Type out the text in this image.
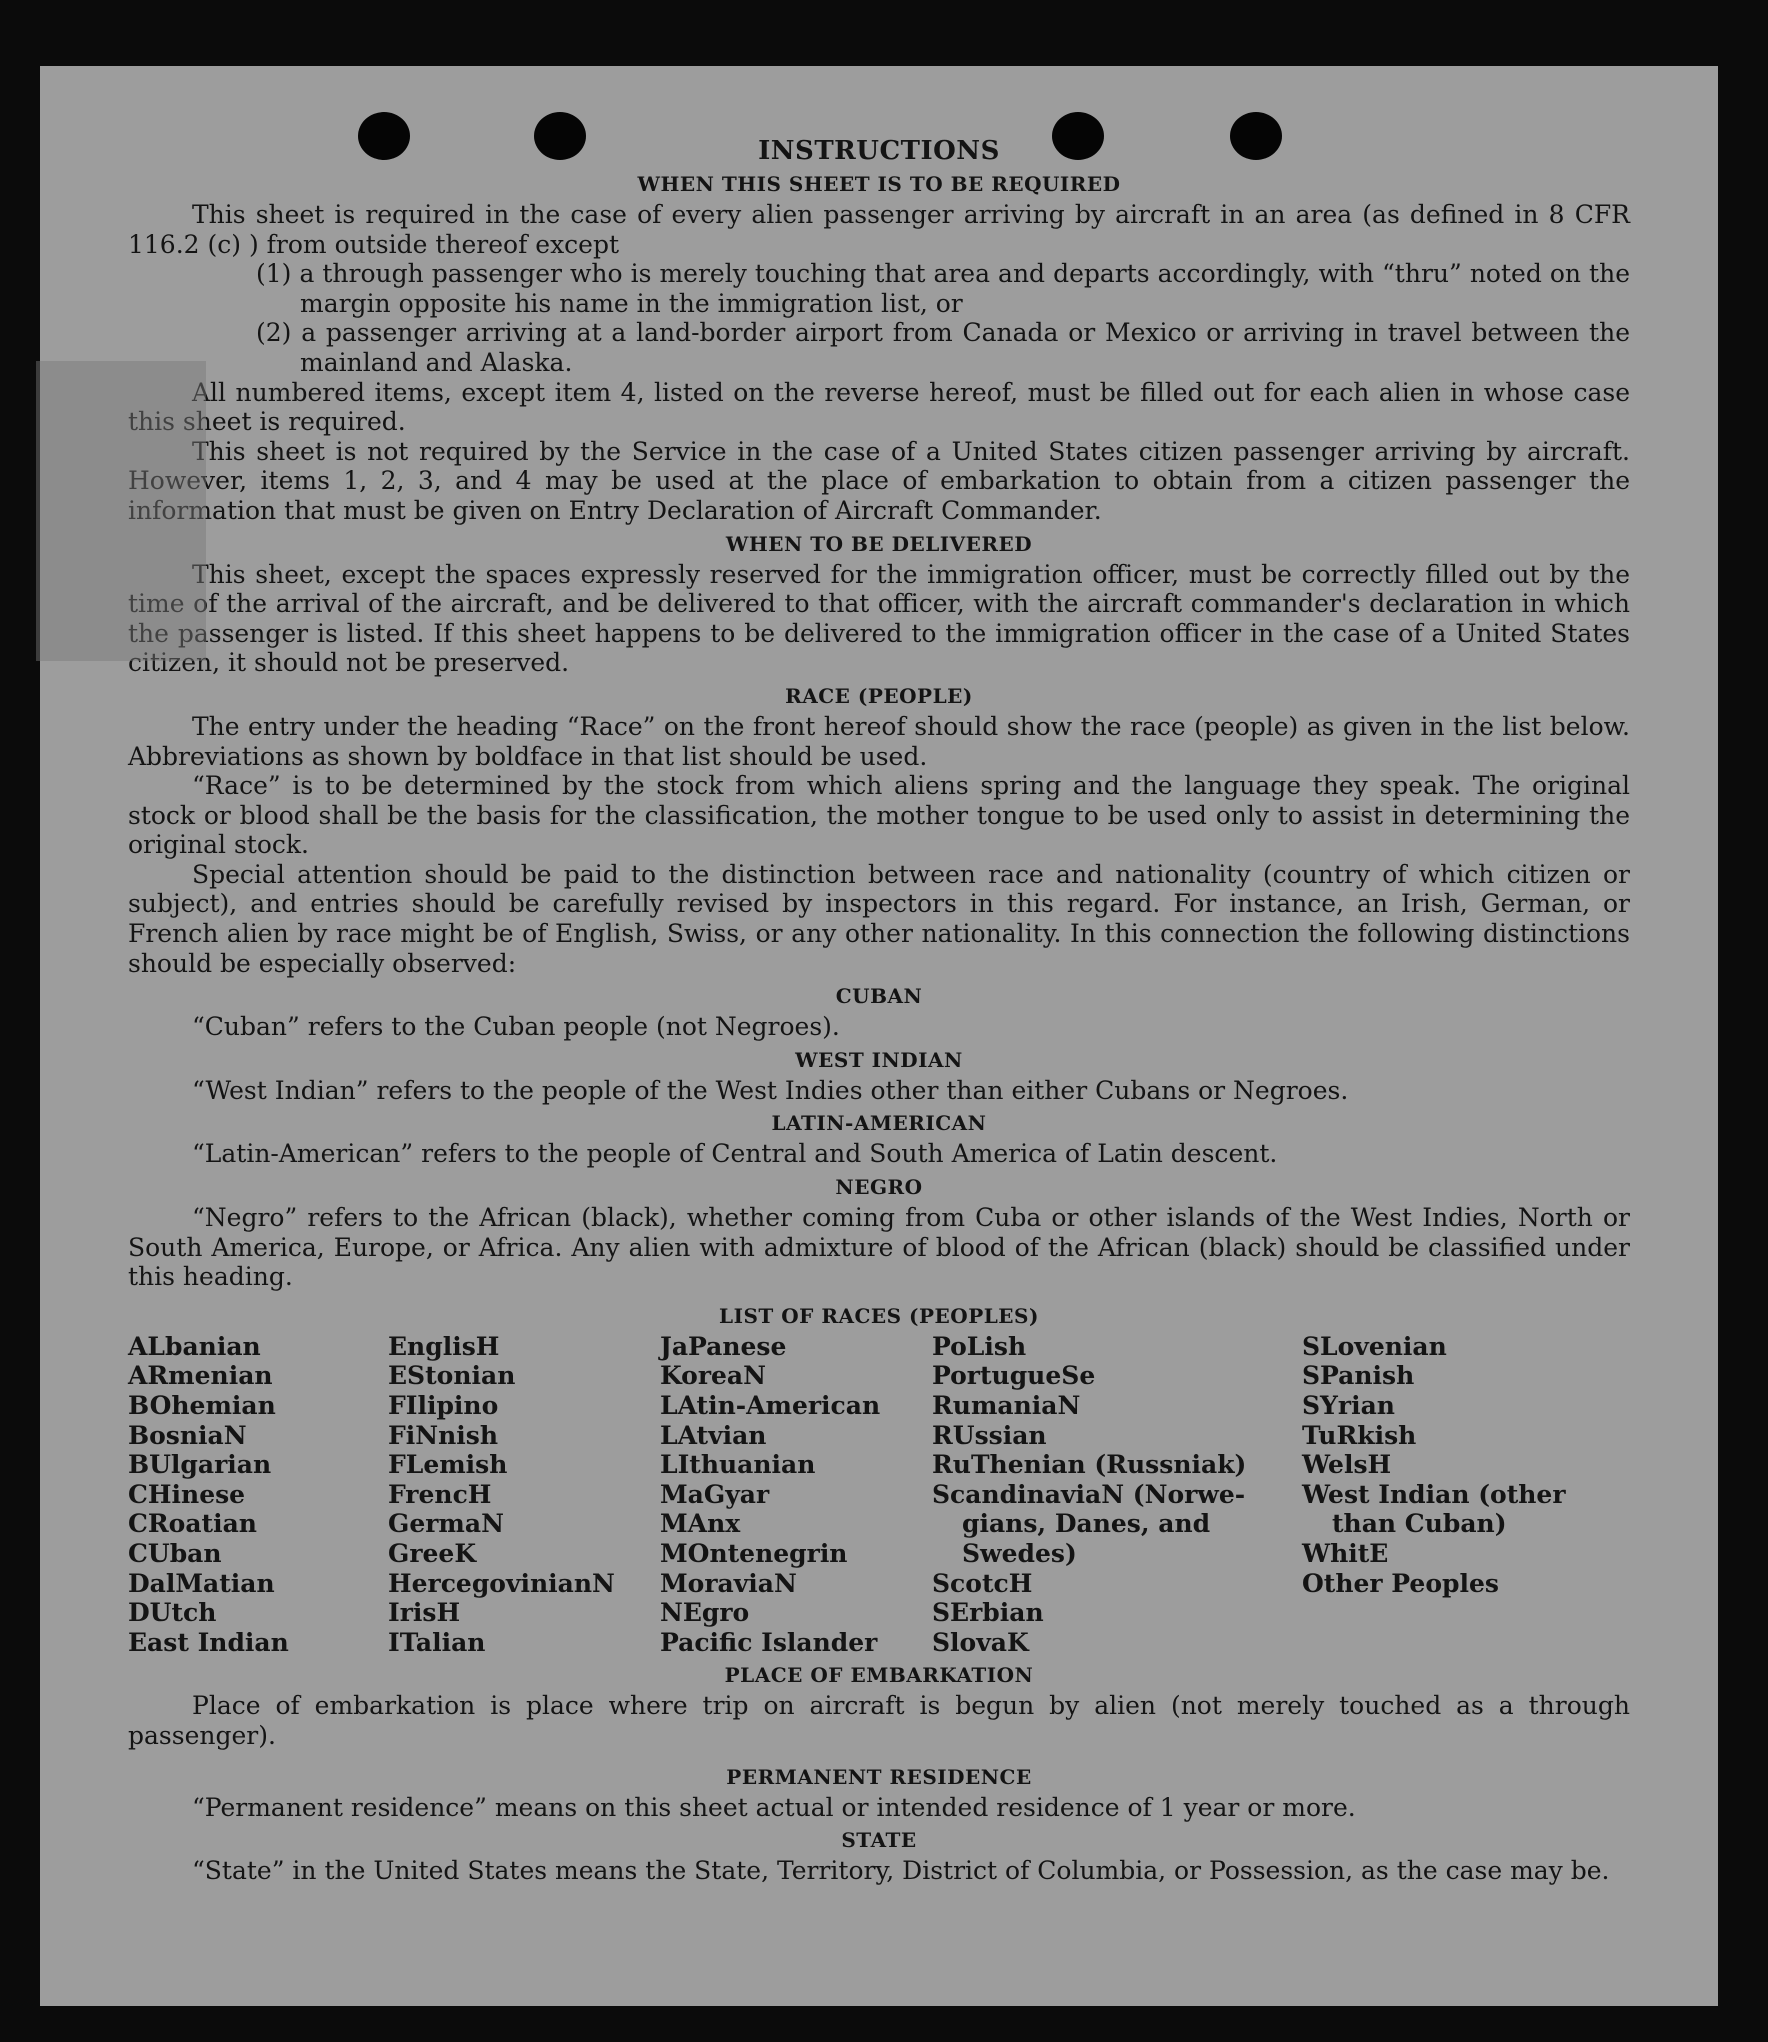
INSTRUCTIONS
WHEN THIS SHEET IS TO BE REQUIRED

This sheet is required in the case of every alien passenger arriving by aircraft in an area (as defined in 8 CFR 116.2 (c) ) from outside thereof except

(1) a through passenger who is merely touching that area and departs accordingly, with “thru” noted on the margin opposite his name in the immigration list, or

(2) a passenger arriving at a land-border airport from Canada or Mexico or arriving in travel between the mainland and Alaska.

All numbered items, except item 4, listed on the reverse hereof, must be filled out for each alien in whose case this sheet is required.

This sheet is not required by the Service in the case of a United States citizen passenger arriving by aircraft. However, items 1, 2, 3, and 4 may be used at the place of embarkation to obtain from a citizen passenger the information that must be given on Entry Declaration of Aircraft Commander.

WHEN TO BE DELIVERED

This sheet, except the spaces expressly reserved for the immigration officer, must be correctly filled out by the time of the arrival of the aircraft, and be delivered to that officer, with the aircraft commander's declaration in which the passenger is listed. If this sheet happens to be delivered to the immigration officer in the case of a United States citizen, it should not be preserved.

RACE (PEOPLE)

The entry under the heading “Race” on the front hereof should show the race (people) as given in the list below. Abbreviations as shown by boldface in that list should be used.

“Race” is to be determined by the stock from which aliens spring and the language they speak. The original stock or blood shall be the basis for the classification, the mother tongue to be used only to assist in determining the original stock.

Special attention should be paid to the distinction between race and nationality (country of which citizen or subject), and entries should be carefully revised by inspectors in this regard. For instance, an Irish, German, or French alien by race might be of English, Swiss, or any other nationality. In this connection the following distinctions should be especially observed:

CUBAN

“Cuban” refers to the Cuban people (not Negroes).

WEST INDIAN

“West Indian” refers to the people of the West Indies other than either Cubans or Negroes.

LATIN-AMERICAN

“Latin-American” refers to the people of Central and South America of Latin descent.

NEGRO

“Negro” refers to the African (black), whether coming from Cuba or other islands of the West Indies, North or South America, Europe, or Africa. Any alien with admixture of blood of the African (black) should be classified under this heading.

LIST OF RACES (PEOPLES)
ALbanian
ARmenian
BOhemian
BosniaN
BUlgarian
CHinese
CRoatian
CUban
DalMatian
DUtch
East Indian
EnglisH
EStonian
FIlipino
FiNnish
FLemish
FrencH
GermaN
GreeK
HercegovinianN
IrisH
ITalian
JaPanese
KoreaN
LAtin-American
LAtvian
LIthuanian
MaGyar
MAnx
MOntenegrin
MoraviaN
NEgro
Pacific Islander
PoLish
PortugueSe
RumaniaN
RUssian
RuThenian (Russniak)
ScandinaviaN (Norwe-
gians, Danes, and
Swedes)
ScotcH
SErbian
SlovaK
SLovenian
SPanish
SYrian
TuRkish
WelsH
West Indian (other
than Cuban)
WhitE
Other Peoples
PLACE OF EMBARKATION

Place of embarkation is place where trip on aircraft is begun by alien (not merely touched as a through passenger).

PERMANENT RESIDENCE

“Permanent residence” means on this sheet actual or intended residence of 1 year or more.

STATE

“State” in the United States means the State, Territory, District of Columbia, or Possession, as the case may be.
